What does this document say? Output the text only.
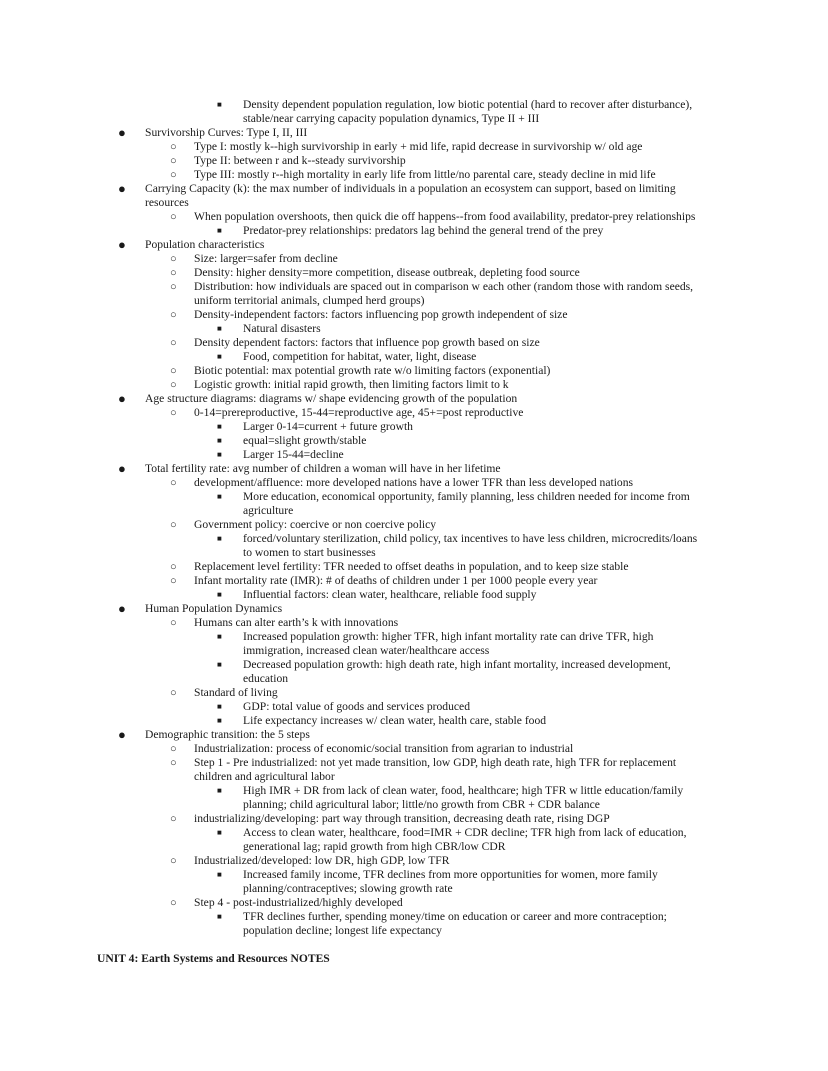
■ Density dependent population regulation, low biotic potential (hard to recover after disturbance),
stable/near carrying capacity population dynamics, Type II + III
● Survivorship Curves: Type I, II, III
○ Type I: mostly k--high survivorship in early + mid life, rapid decrease in survivorship w/ old age
○ Type II: between r and k--steady survivorship
○ Type III: mostly r--high mortality in early life from little/no parental care, steady decline in mid life
● Carrying Capacity (k): the max number of individuals in a population an ecosystem can support, based on limiting
resources
○ When population overshoots, then quick die off happens--from food availability, predator-prey relationships
■ Predator-prey relationships: predators lag behind the general trend of the prey
● Population characteristics
○ Size: larger=safer from decline
○ Density: higher density=more competition, disease outbreak, depleting food source
○ Distribution: how individuals are spaced out in comparison w each other (random those with random seeds,
uniform territorial animals, clumped herd groups)
○ Density-independent factors: factors influencing pop growth independent of size
■ Natural disasters
○ Density dependent factors: factors that influence pop growth based on size
■ Food, competition for habitat, water, light, disease
○ Biotic potential: max potential growth rate w/o limiting factors (exponential)
○ Logistic growth: initial rapid growth, then limiting factors limit to k
● Age structure diagrams: diagrams w/ shape evidencing growth of the population
○ 0-14=prereproductive, 15-44=reproductive age, 45+=post reproductive
■ Larger 0-14=current + future growth
■ equal=slight growth/stable
■ Larger 15-44=decline
● Total fertility rate: avg number of children a woman will have in her lifetime
○ development/affluence: more developed nations have a lower TFR than less developed nations
■ More education, economical opportunity, family planning, less children needed for income from
agriculture
○ Government policy: coercive or non coercive policy
■ forced/voluntary sterilization, child policy, tax incentives to have less children, microcredits/loans
to women to start businesses
○ Replacement level fertility: TFR needed to offset deaths in population, and to keep size stable
○ Infant mortality rate (IMR): # of deaths of children under 1 per 1000 people every year
■ Influential factors: clean water, healthcare, reliable food supply
● Human Population Dynamics
○ Humans can alter earth’s k with innovations
■ Increased population growth: higher TFR, high infant mortality rate can drive TFR, high
immigration, increased clean water/healthcare access
■ Decreased population growth: high death rate, high infant mortality, increased development,
education
○ Standard of living
■ GDP: total value of goods and services produced
■ Life expectancy increases w/ clean water, health care, stable food
● Demographic transition: the 5 steps
○ Industrialization: process of economic/social transition from agrarian to industrial
○ Step 1 - Pre industrialized: not yet made transition, low GDP, high death rate, high TFR for replacement
children and agricultural labor
■ High IMR + DR from lack of clean water, food, healthcare; high TFR w little education/family
planning; child agricultural labor; little/no growth from CBR + CDR balance
○ industrializing/developing: part way through transition, decreasing death rate, rising DGP
■ Access to clean water, healthcare, food=IMR + CDR decline; TFR high from lack of education,
generational lag; rapid growth from high CBR/low CDR
○ Industrialized/developed: low DR, high GDP, low TFR
■ Increased family income, TFR declines from more opportunities for women, more family
planning/contraceptives; slowing growth rate
○ Step 4 - post-industrialized/highly developed
■ TFR declines further, spending money/time on education or career and more contraception;
population decline; longest life expectancy
UNIT 4: Earth Systems and Resources NOTES
